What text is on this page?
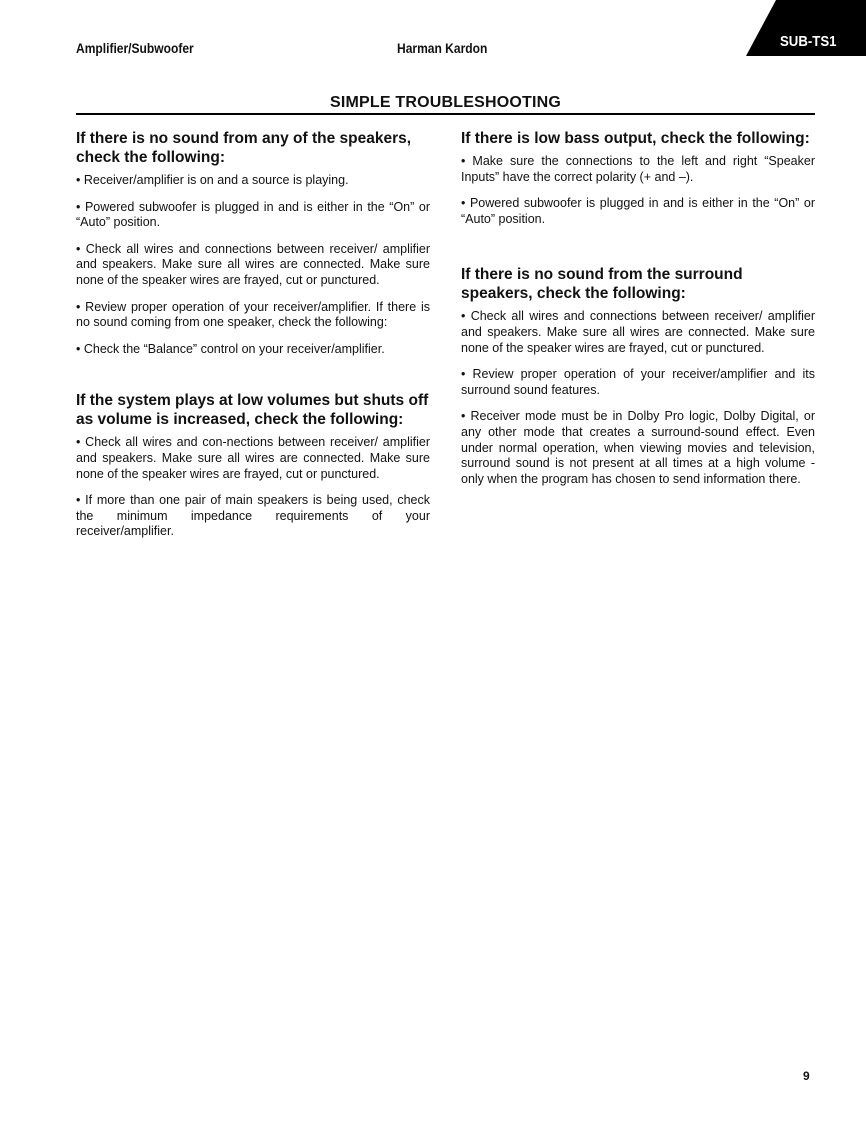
Amplifier/Subwoofer	Harman Kardon	SUB-TS1
SIMPLE TROUBLESHOOTING
If there is no sound from any of the speakers, check the following:

• Receiver/amplifier is on and a source is playing.

• Powered subwoofer is plugged in and is either in the “On” or “Auto” position.

• Check all wires and connections between receiver/ amplifier and speakers. Make sure all wires are connected. Make sure none of the speaker wires are frayed, cut or punctured.

• Review proper operation of your receiver/amplifier. If there is no sound coming from one speaker, check the following:

• Check the “Balance” control on your receiver/amplifier.

If the system plays at low volumes but shuts off as volume is increased, check the following:

• Check all wires and con-nections between receiver/ amplifier and speakers. Make sure all wires are connected. Make sure none of the speaker wires are frayed, cut or punctured.

• If more than one pair of main speakers is being used, check the minimum impedance requirements of your receiver/amplifier.

If there is low bass output, check the following:

• Make sure the connections to the left and right “Speaker Inputs” have the correct polarity (+ and –).

• Powered subwoofer is plugged in and is either in the “On” or “Auto” position.

If there is no sound from the surround speakers, check the following:

• Check all wires and connections between receiver/ amplifier and speakers. Make sure all wires are connected. Make sure none of the speaker wires are frayed, cut or punctured.

• Review proper operation of your receiver/amplifier and its surround sound features.

• Receiver mode must be in Dolby Pro logic, Dolby Digital, or any other mode that creates a surround-sound effect. Even under normal operation, when viewing movies and television, surround sound is not present at all times at a high volume - only when the program has chosen to send information there.

9
